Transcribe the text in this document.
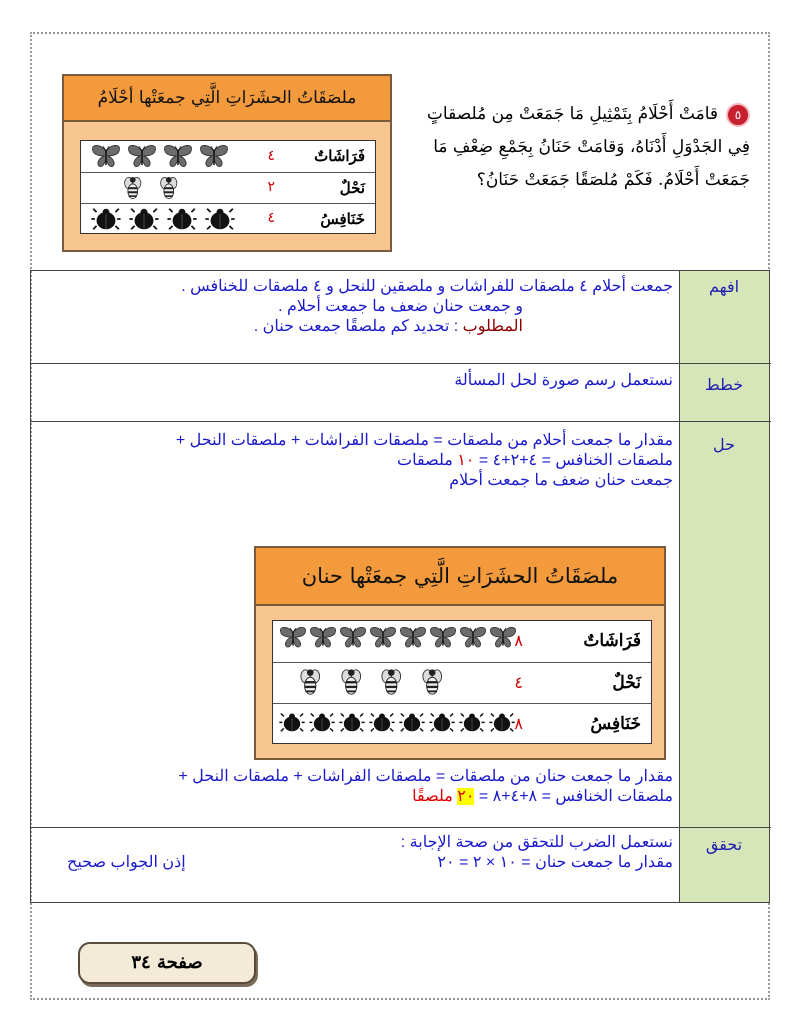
٥قامَتْ أَحْلَامُ بِتَمْثِيلِ مَا جَمَعَتْ مِن مُلصقاتٍ فِي الجَدْوَلِ أَدْنَاهُ، وَقامَتْ حَنَانُ بِجَمْعِ ضِعْفِ مَا جَمَعَتْ أَحْلَامُ. فَكَمْ مُلصَقًا جَمَعَتْ حَنَانُ؟
ملصَقَاتُ الحشَرَاتِ الَّتِي جمعَتْها أحْلَامُ
فَرَاشَاتٌ
٤
نَحْلٌ
٢
خَنَافِسُ
٤
افهم
خطط
حل
تحقق
جمعت أحلام ٤ ملصقات للفراشات و ملصقين للنحل و ٤ ملصقات للخنافس .
و جمعت حنان ضعف ما جمعت أحلام .
المطلوب : تحديد كم ملصقًا جمعت حنان .
نستعمل رسم صورة لحل المسألة
مقدار ما جمعت أحلام من ملصقات = ملصقات الفراشات + ملصقات النحل +
ملصقات الخنافس = ٤+٢+٤ = ١٠ ملصقات
جمعت حنان ضعف ما جمعت أحلام
مقدار ما جمعت حنان من ملصقات = ملصقات الفراشات + ملصقات النحل +
ملصقات الخنافس = ٨+٤+٨ = ٢٠ ملصقًا
نستعمل الضرب للتحقق من صحة الإجابة :
مقدار ما جمعت حنان = ١٠ × ٢ = ٢٠
إذن الجواب صحيح
ملصَقَاتُ الحشَرَاتِ الَّتِي جمعَتْها حنان
فَرَاشَاتٌ
٨
نَحْلٌ
٤
خَنَافِسُ
٨
صفحة ٣٤
